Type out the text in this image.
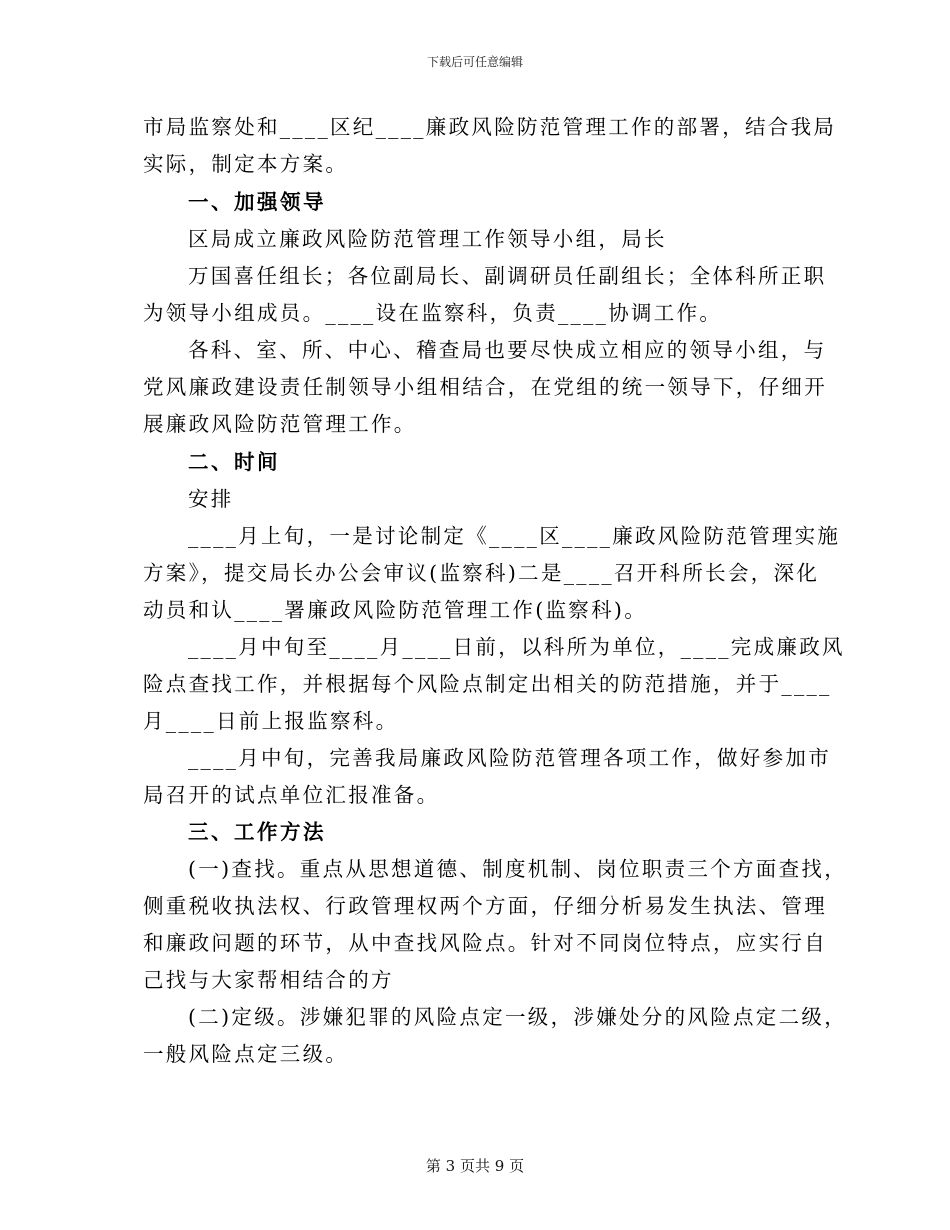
下载后可任意编辑
市局监察处和____区纪____廉政风险防范管理工作的部署，结合我局
实际，制定本方案。
一、加强领导
区局成立廉政风险防范管理工作领导小组，局长
万国喜任组长；各位副局长、副调研员任副组长；全体科所正职
为领导小组成员。____设在监察科，负责____协调工作。
各科、室、所、中心、稽查局也要尽快成立相应的领导小组，与
党风廉政建设责任制领导小组相结合，在党组的统一领导下，仔细开
展廉政风险防范管理工作。
二、时间
安排
____月上旬，一是讨论制定《____区____廉政风险防范管理实施
方案》，提交局长办公会审议(监察科)二是____召开科所长会，深化
动员和认____署廉政风险防范管理工作(监察科)。
____月中旬至____月____日前，以科所为单位，____完成廉政风
险点查找工作，并根据每个风险点制定出相关的防范措施，并于____
月____日前上报监察科。
____月中旬，完善我局廉政风险防范管理各项工作，做好参加市
局召开的试点单位汇报准备。
三、工作方法
(一)查找。重点从思想道德、制度机制、岗位职责三个方面查找，
侧重税收执法权、行政管理权两个方面，仔细分析易发生执法、管理
和廉政问题的环节，从中查找风险点。针对不同岗位特点，应实行自
己找与大家帮相结合的方
(二)定级。涉嫌犯罪的风险点定一级，涉嫌处分的风险点定二级，
一般风险点定三级。
第 3 页共 9 页
